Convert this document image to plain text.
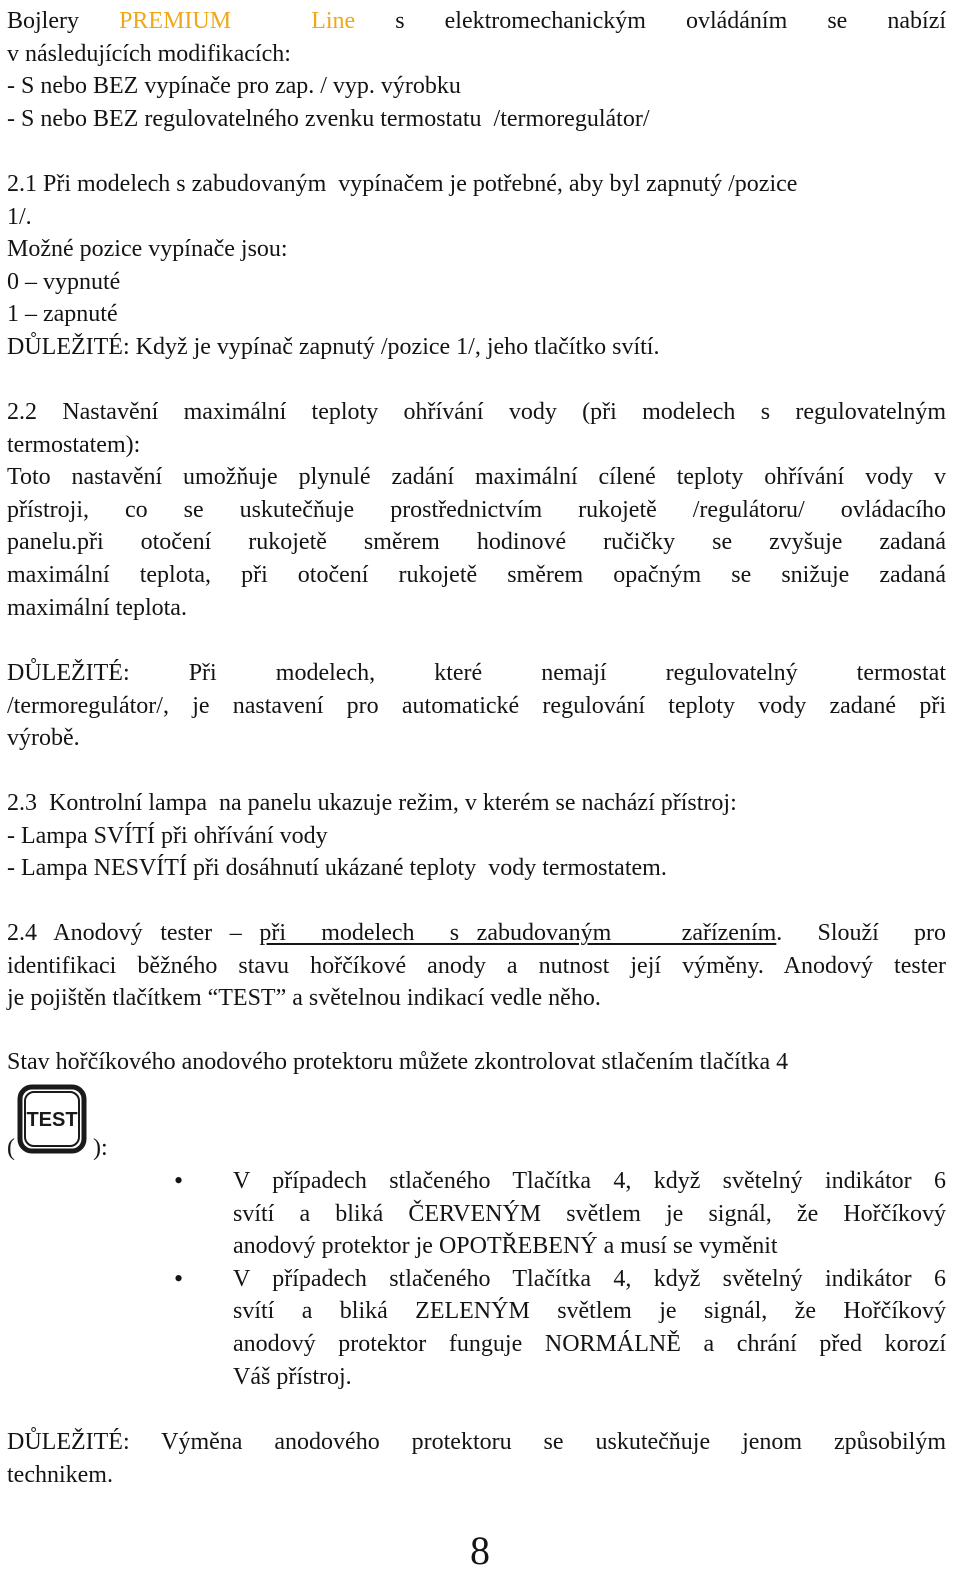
Bojlery PREMIUM  Line s elektromechanickým ovládáním se nabízí
v následujících modifikacích:
- S nebo BEZ vypínače pro zap. / vyp. výrobku
- S nebo BEZ regulovatelného zvenku termostatu  /termoregulátor/
2.1 Při modelech s zabudovaným  vypínačem je potřebné, aby byl zapnutý /pozice
1/.
Možné pozice vypínače jsou:
0 – vypnuté
1 – zapnuté
DŮLEŽITÉ: Když je vypínač zapnutý /pozice 1/, jeho tlačítko svítí.
2.2 Nastavění maximální teploty ohřívání vody (při modelech s regulovatelným
termostatem):
Toto nastavění umožňuje plynulé zadání maximální cílené teploty ohřívání vody v
přístroji, co se uskutečňuje prostřednictvím rukojetě /regulátoru/ ovládacího
panelu.při otočení rukojetě směrem hodinové ručičky se zvyšuje zadaná
maximální teplota, při otočení rukojetě směrem opačným se snižuje zadaná
maximální teplota.
DŮLEŽITÉ: Při modelech, které nemají regulovatelný termostat
/termoregulátor/, je nastavení pro automatické regulování teploty vody zadané při
výrobě.
2.3  Kontrolní lampa  na panelu ukazuje režim, v kterém se nachází přístroj:
- Lampa SVÍTÍ při ohřívání vody
- Lampa NESVÍTÍ při dosáhnutí ukázané teploty  vody termostatem.
2.4 Anodový tester – při  modelech  s zabudovaným    zařízením.  Slouží  pro
identifikaci běžného stavu hořčíkové anody a nutnost její výměny. Anodový tester
je pojištěn tlačítkem “TEST” a světelnou indikací vedle něho.
Stav hořčíkového anodového protektoru můžete zkontrolovat stlačením tlačítka 4
(
TEST
):
• V případech stlačeného Tlačítka 4, když světelný indikátor 6
svítí a bliká ČERVENÝM světlem je signál, že Hořčíkový
anodový protektor je OPOTŘEBENÝ a musí se vyměnit
• V případech stlačeného Tlačítka 4, když světelný indikátor 6
svítí a bliká ZELENÝM světlem je signál, že Hořčíkový
anodový protektor funguje NORMÁLNĚ a chrání před korozí
Váš přístroj.
DŮLEŽITÉ: Výměna anodového protektoru se uskutečňuje jenom způsobilým
technikem.
8
